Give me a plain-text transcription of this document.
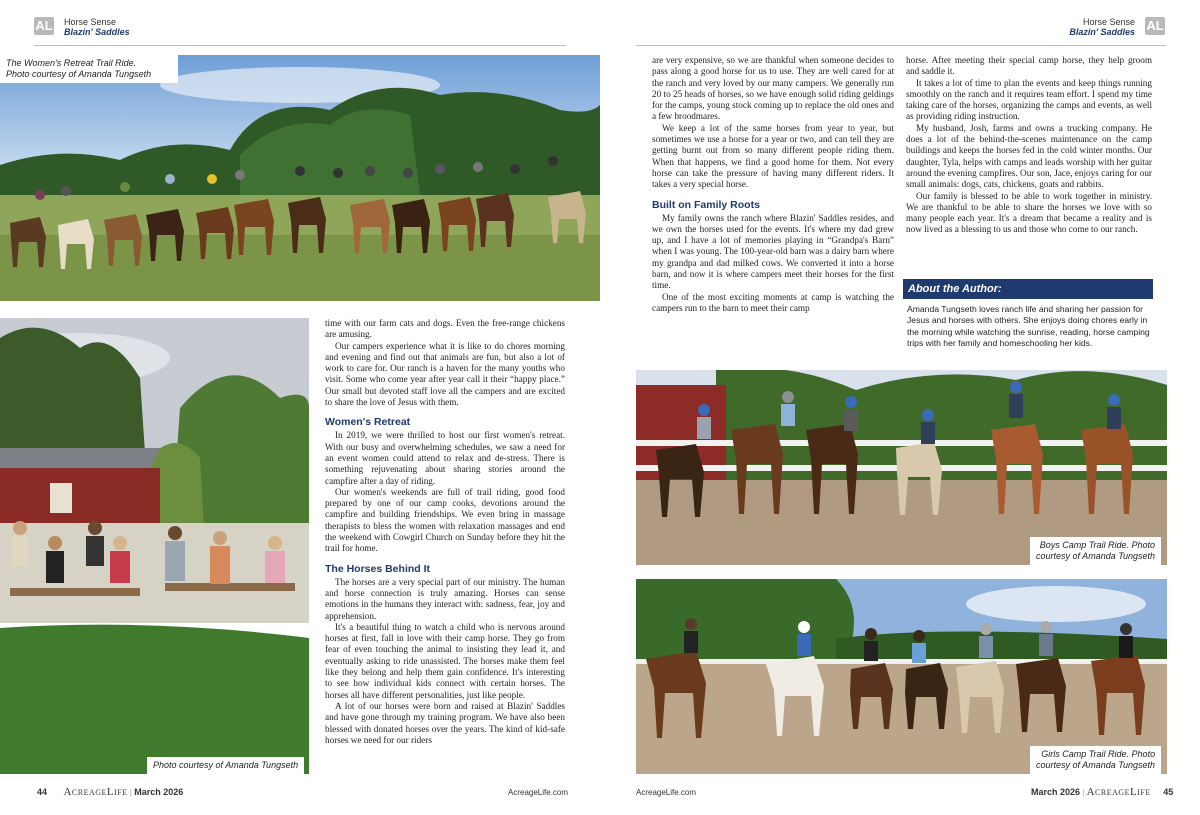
AL Horse Sense
Blazin' Saddles
Horse Sense
Blazin' Saddles AL
The Women's Retreat Trail Ride.
Photo courtesy of Amanda Tungseth
Photo courtesy of Amanda Tungseth

time with our farm cats and dogs. Even the free-range chickens are amusing.

Our campers experience what it is like to do chores morning and evening and find out that animals are fun, but also a lot of work to care for. Our ranch is a haven for the many youths who visit. Some who come year after year call it their “happy place.” Our small but devoted staff love all the campers and are excited to share the love of Jesus with them.

Women's Retreat

In 2019, we were thrilled to host our first women's retreat. With our busy and overwhelming schedules, we saw a need for an event women could attend to relax and de-stress. There is something rejuvenating about sharing stories around the campfire after a day of riding.

Our women's weekends are full of trail riding, good food prepared by one of our camp cooks, devotions around the campfire and building friendships. We even bring in massage therapists to bless the women with relaxation massages and end the weekend with Cowgirl Church on Sunday before they hit the trail for home.

The Horses Behind It

The horses are a very special part of our ministry. The human and horse connection is truly amazing. Horses can sense emotions in the humans they interact with: sadness, fear, joy and apprehension.

It's a beautiful thing to watch a child who is nervous around horses at first, fall in love with their camp horse. They go from fear of even touching the animal to insisting they lead it, and eventually asking to ride unassisted. The horses make them feel like they belong and help them gain confidence. It's interesting to see how individual kids connect with certain horses. The horses all have different personalities, just like people.

A lot of our horses were born and raised at Blazin' Saddles and have gone through my training program. We have also been blessed with donated horses over the years. The kind of kid-safe horses we need for our riders

are very expensive, so we are thankful when someone decides to pass along a good horse for us to use. They are well cared for at the ranch and very loved by our many campers. We generally run 20 to 25 heads of horses, so we have enough solid riding geldings for the camps, young stock coming up to replace the old ones and a few broodmares.

We keep a lot of the same horses from year to year, but sometimes we use a horse for a year or two, and can tell they are getting burnt out from so many different people riding them. When that happens, we find a good home for them. Not every horse can take the pressure of having many different riders. It takes a very special horse.

Built on Family Roots

My family owns the ranch where Blazin' Saddles resides, and we own the horses used for the events. It's where my dad grew up, and I have a lot of memories playing in “Grandpa's Barn” when I was young. The 100-year-old barn was a dairy barn where my grandpa and dad milked cows. We converted it into a horse barn, and now it is where campers meet their horses for the first time.

One of the most exciting moments at camp is watching the campers run to the barn to meet their camp

horse. After meeting their special camp horse, they help groom and saddle it.

It takes a lot of time to plan the events and keep things running smoothly on the ranch and it requires team effort. I spend my time taking care of the horses, organizing the camps and events, as well as providing riding instruction.

My husband, Josh, farms and owns a trucking company. He does a lot of the behind-the-scenes maintenance on the camp buildings and keeps the horses fed in the cold winter months. Our daughter, Tyla, helps with camps and leads worship with her guitar around the evening campfires. Our son, Jace, enjoys caring for our small animals: dogs, cats, chickens, goats and rabbits.

Our family is blessed to be able to work together in ministry. We are thankful to be able to share the horses we love with so many people each year. It's a dream that became a reality and is now lived as a blessing to us and those who come to our ranch.

About the Author:
Amanda Tungseth loves ranch life and sharing her passion for Jesus and horses with others. She enjoys doing chores early in the morning while watching the sunrise, reading, horse camping trips with her family and homeschooling her kids.
Boys Camp Trail Ride. Photo
courtesy of Amanda Tungseth
Girls Camp Trail Ride. Photo
courtesy of Amanda Tungseth
44 AcreageLife | March 2026	AcreageLife.com	AcreageLife.com	March 2026 | AcreageLife 45
